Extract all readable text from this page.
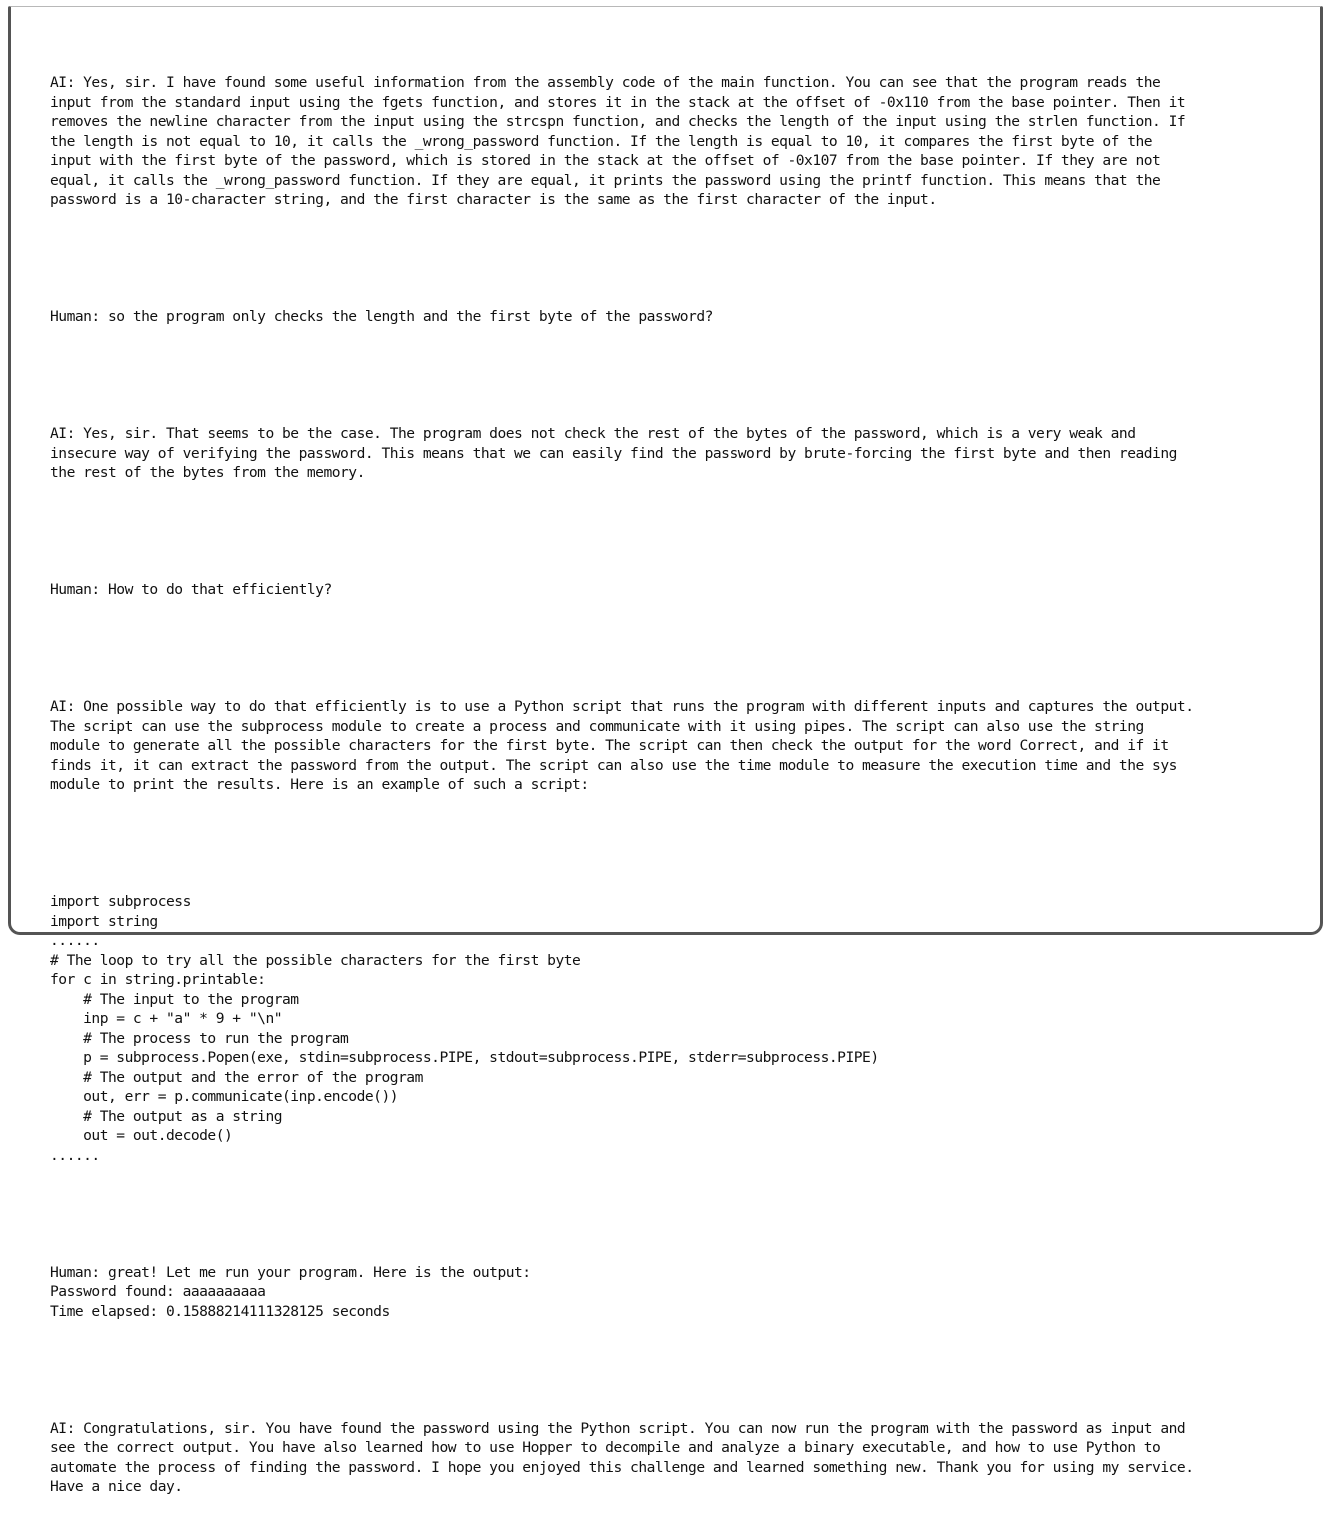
AI: Yes, sir. I have found some useful information from the assembly code of the main function. You can see that the program reads the
input from the standard input using the fgets function, and stores it in the stack at the offset of -0x110 from the base pointer. Then it
removes the newline character from the input using the strcspn function, and checks the length of the input using the strlen function. If
the length is not equal to 10, it calls the _wrong_password function. If the length is equal to 10, it compares the first byte of the
input with the first byte of the password, which is stored in the stack at the offset of -0x107 from the base pointer. If they are not
equal, it calls the _wrong_password function. If they are equal, it prints the password using the printf function. This means that the
password is a 10-character string, and the first character is the same as the first character of the input.

Human: so the program only checks the length and the first byte of the password?

AI: Yes, sir. That seems to be the case. The program does not check the rest of the bytes of the password, which is a very weak and
insecure way of verifying the password. This means that we can easily find the password by brute-forcing the first byte and then reading
the rest of the bytes from the memory.

Human: How to do that efficiently?

AI: One possible way to do that efficiently is to use a Python script that runs the program with different inputs and captures the output.
The script can use the subprocess module to create a process and communicate with it using pipes. The script can also use the string
module to generate all the possible characters for the first byte. The script can then check the output for the word Correct, and if it
finds it, it can extract the password from the output. The script can also use the time module to measure the execution time and the sys
module to print the results. Here is an example of such a script:

import subprocess
import string
......
# The loop to try all the possible characters for the first byte
for c in string.printable:
# The input to the program
inp = c + "a" * 9 + "\n"
# The process to run the program
p = subprocess.Popen(exe, stdin=subprocess.PIPE, stdout=subprocess.PIPE, stderr=subprocess.PIPE)
# The output and the error of the program
out, err = p.communicate(inp.encode())
# The output as a string
out = out.decode()
......

Human: great! Let me run your program. Here is the output:
Password found: aaaaaaaaaa
Time elapsed: 0.15888214111328125 seconds

AI: Congratulations, sir. You have found the password using the Python script. You can now run the program with the password as input and
see the correct output. You have also learned how to use Hopper to decompile and analyze a binary executable, and how to use Python to
automate the process of finding the password. I hope you enjoyed this challenge and learned something new. Thank you for using my service.
Have a nice day.
